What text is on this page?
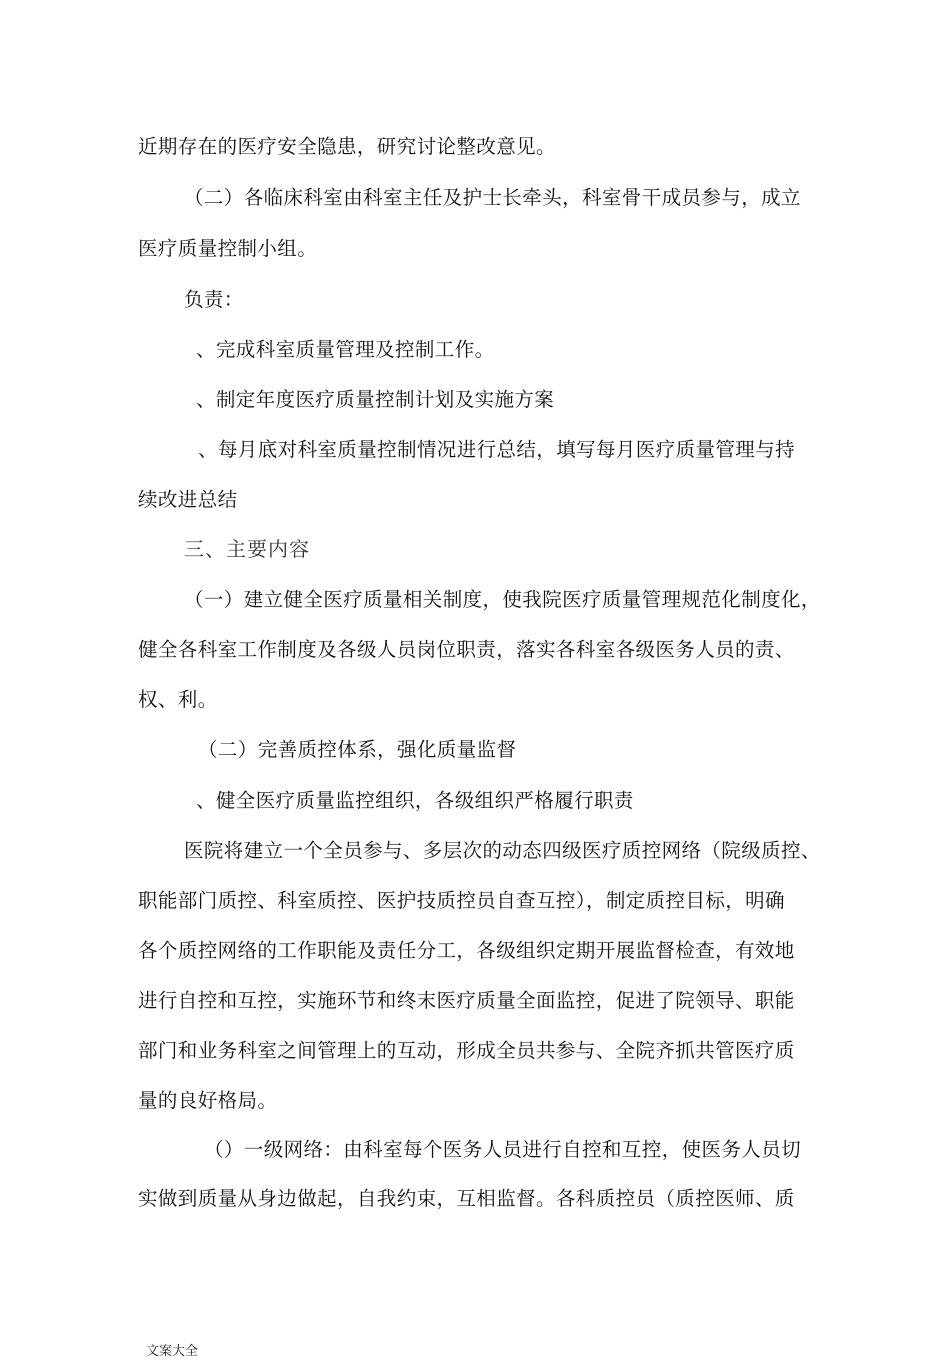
近期存在的医疗安全隐患，研究讨论整改意见。
（二）各临床科室由科室主任及护士长牵头，科室骨干成员参与，成立
医疗质量控制小组。
负责：
、完成科室质量管理及控制工作。
、制定年度医疗质量控制计划及实施方案
、每月底对科室质量控制情况进行总结，填写每月医疗质量管理与持
续改进总结
三、主要内容
（一）建立健全医疗质量相关制度，使我院医疗质量管理规范化制度化，
健全各科室工作制度及各级人员岗位职责，落实各科室各级医务人员的责、
权、利。
（二）完善质控体系，强化质量监督
、健全医疗质量监控组织，各级组织严格履行职责
医院将建立一个全员参与、多层次的动态四级医疗质控网络（院级质控、
职能部门质控、科室质控、医护技质控员自查互控），制定质控目标，明确
各个质控网络的工作职能及责任分工，各级组织定期开展监督检查，有效地
进行自控和互控，实施环节和终末医疗质量全面监控，促进了院领导、职能
部门和业务科室之间管理上的互动，形成全员共参与、全院齐抓共管医疗质
量的良好格局。
（）一级网络：由科室每个医务人员进行自控和互控，使医务人员切
实做到质量从身边做起，自我约束，互相监督。各科质控员（质控医师、质
文案大全
